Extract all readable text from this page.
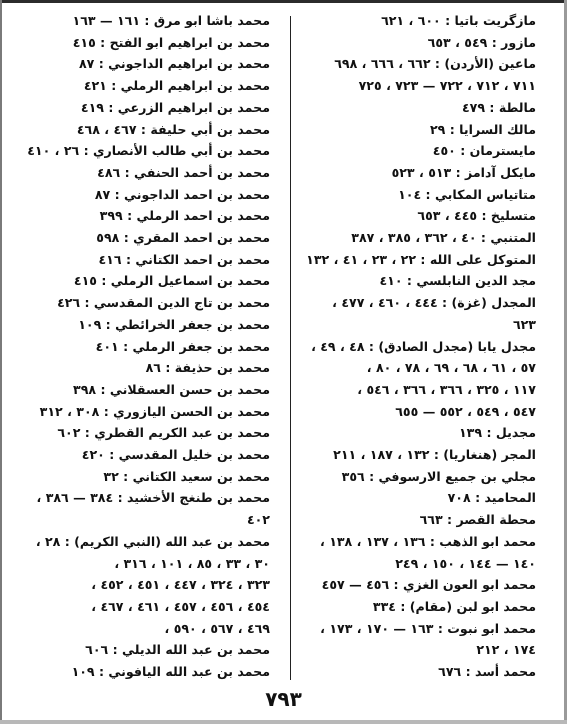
مازگريت باتيا : ٦٠٠ ، ٦٢١
مازور : ٥٤٩ ، ٦٥٣
ماعين (الأردن) : ٦٦٢ ، ٦٦٦ ، ٦٩٨
٧١١ ، ٧١٢ ، ٧٢٢ — ٧٢٣ ، ٧٢٥
مالطة : ٤٧٩
مالك السرايا : ٢٩
مايسترمان : ٤٥٠
مايكل آدامز : ٥١٣ ، ٥٢٣
متاتياس المكابي : ١٠٤
متسليخ : ٤٤٥ ، ٦٥٣
المتنبي : ٤٠ ، ٣٦٢ ، ٣٨٥ ، ٣٨٧
المتوكل على الله : ٢٢ ، ٢٣ ، ٤١ ، ١٣٢
مجد الدين النابلسي : ٤١٠
المجدل (غزة) : ٤٤٤ ، ٤٦٠ ، ٤٧٧ ،
٦٢٣
مجدل يابا (مجدل الصادق) : ٤٨ ، ٤٩ ،
٥٧ ، ٦١ ، ٦٨ ، ٦٩ ، ٧٨ ، ٨٠ ،
١١٧ ، ٣٢٥ ، ٣٦٦ ، ٣٦٦ ، ٥٤٦ ،
٥٤٧ ، ٥٤٩ ، ٥٥٢ — ٦٥٥
مجديل : ١٣٩
المجر (هنغاريا) : ١٣٢ ، ١٨٧ ، ٢١١
مجلي بن جميع الارسوفي : ٣٥٦
المحاميد : ٧٠٨
محطة القصر : ٦٦٣
محمد ابو الذهب : ١٣٦ ، ١٣٧ ، ١٣٨ ،
١٤٠ — ١٤٤ ، ١٥٠ ، ٢٤٩
محمد ابو العون الغزي : ٤٥٦ — ٤٥٧
محمد ابو لبن (مقام) : ٣٣٤
محمد ابو نبوت : ١٦٣ — ١٧٠ ، ١٧٣ ،
١٧٤ ، ٢١٢
محمد أسد : ٦٧٦
محمد باشا ابو مرق : ١٦١ — ١٦٣
محمد بن ابراهيم ابو الفتح : ٤١٥
محمد بن ابراهيم الداجوني : ٨٧
محمد بن ابراهيم الرملي : ٤٢١
محمد بن ابراهيم الزرعي : ٤١٩
محمد بن أبي حليفة : ٤٦٧ ، ٤٦٨
محمد بن أبي طالب الأنصاري : ٢٦ ، ٤١٠
محمد بن أحمد الحنفي : ٤٨٦
محمد بن احمد الداجوني : ٨٧
محمد بن احمد الرملي : ٣٩٩
محمد بن احمد المقري : ٥٩٨
محمد بن احمد الكتاني : ٤١٦
محمد بن اسماعيل الرملي : ٤١٥
محمد بن تاج الدين المقدسي : ٤٢٦
محمد بن جعفر الخرائطي : ١٠٩
محمد بن جعفر الرملي : ٤٠١
محمد بن حذيفة : ٨٦
محمد بن حسن العسقلاني : ٣٩٨
محمد بن الحسن اليازوري : ٣٠٨ ، ٣١٢
محمد بن عبد الكريم القطري : ٦٠٢
محمد بن خليل المقدسي : ٤٢٠
محمد بن سعيد الكتاني : ٣٢
محمد بن طنغج الأخشيد : ٣٨٤ — ٣٨٦ ،
٤٠٢
محمد بن عبد الله (النبي الكريم) : ٢٨ ،
٣٠ ، ٣٣ ، ٨٥ ، ١٠١ ، ٣١٦ ،
٣٢٣ ، ٣٢٤ ، ٤٤٧ ، ٤٥١ ، ٤٥٢ ،
٤٥٤ ، ٤٥٦ ، ٤٥٧ ، ٤٦١ ، ٤٦٧ ،
٤٦٩ ، ٥٦٧ ، ٥٩٠ ،
محمد بن عبد الله الديلي : ٦٠٦
محمد بن عبد الله اليافوني : ١٠٩
٧٩٣
